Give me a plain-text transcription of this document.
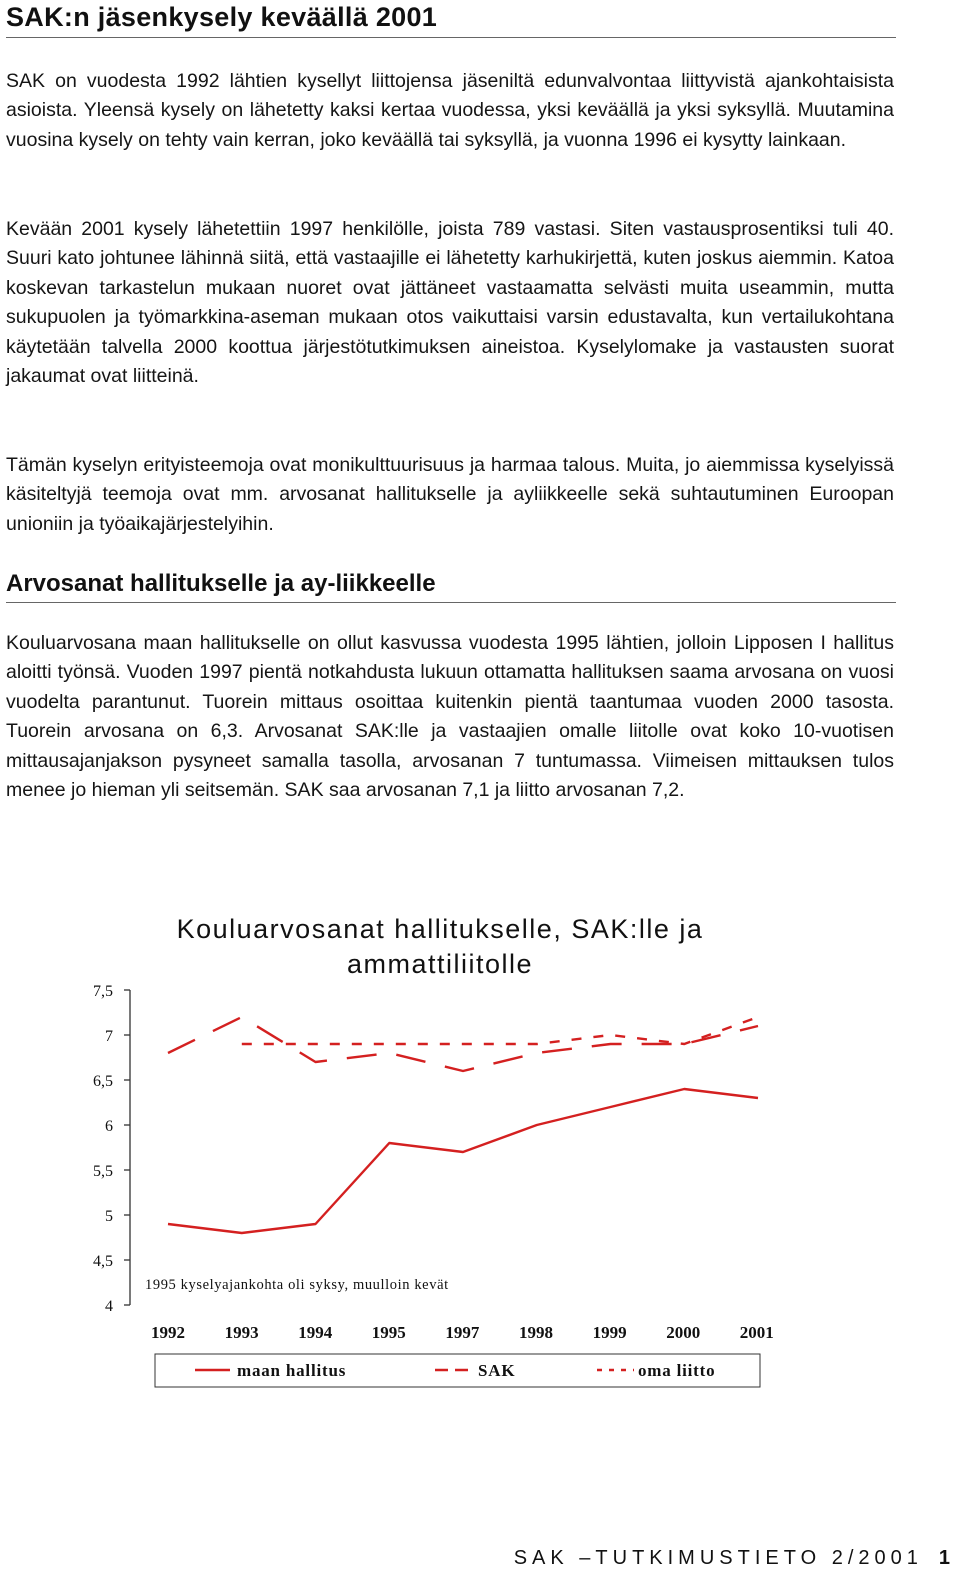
SAK:n jäsenkysely keväällä 2001

SAK on vuodesta 1992 lähtien kysellyt liittojensa jäseniltä edunvalvontaa liittyvistä ajankohtaisista asioista. Yleensä kysely on lähetetty kaksi kertaa vuodessa, yksi keväällä ja yksi syksyllä. Muutamina vuosina kysely on tehty vain kerran, joko keväällä tai syksyllä, ja vuonna 1996 ei kysytty lainkaan.

Kevään 2001 kysely lähetettiin 1997 henkilölle, joista 789 vastasi. Siten vastausprosentiksi tuli 40. Suuri kato johtunee lähinnä siitä, että vastaajille ei lähetetty karhukirjettä, kuten joskus aiemmin. Katoa koskevan tarkastelun mukaan nuoret ovat jättäneet vastaamatta selvästi muita useammin, mutta sukupuolen ja työmarkkina-aseman mukaan otos vaikuttaisi varsin edustavalta, kun vertailukohtana käytetään talvella 2000 koottua järjestötutkimuksen aineistoa. Kyselylomake ja vastausten suorat jakaumat ovat liitteinä.

Tämän kyselyn erityisteemoja ovat monikulttuurisuus ja harmaa talous. Muita, jo aiemmissa kyselyissä käsiteltyjä teemoja ovat mm. arvosanat hallitukselle ja ayliikkeelle sekä suhtautuminen Euroopan unioniin ja työaikajärjestelyihin.

Arvosanat hallitukselle ja ay-liikkeelle

Kouluarvosana maan hallitukselle on ollut kasvussa vuodesta 1995 lähtien, jolloin Lipposen I hallitus aloitti työnsä. Vuoden 1997 pientä notkahdusta lukuun ottamatta hallituksen saama arvosana on vuosi vuodelta parantunut. Tuorein mittaus osoittaa kuitenkin pientä taantumaa vuoden 2000 tasosta. Tuorein arvosana on 6,3. Arvosanat SAK:lle ja vastaajien omalle liitolle ovat koko 10-vuotisen mittausajanjakson pysyneet samalla tasolla, arvosanan 7 tuntumassa. Viimeisen mittauksen tulos menee jo hieman yli seitsemän. SAK saa arvosanan 7,1 ja liitto arvosanan 7,2.

Kouluarvosanat hallitukselle, SAK:lle ja
ammattiliitolle
4
4,5
5
5,5
6
6,5
7
7,5
1995 kyselyajankohta oli syksy, muulloin kevät
1992 1993 1994 1995 1997 1998 1999 2000 2001
maan hallitus	SAK	oma liitto
SAK –TUTKIMUSTIETO 2/2001 1
